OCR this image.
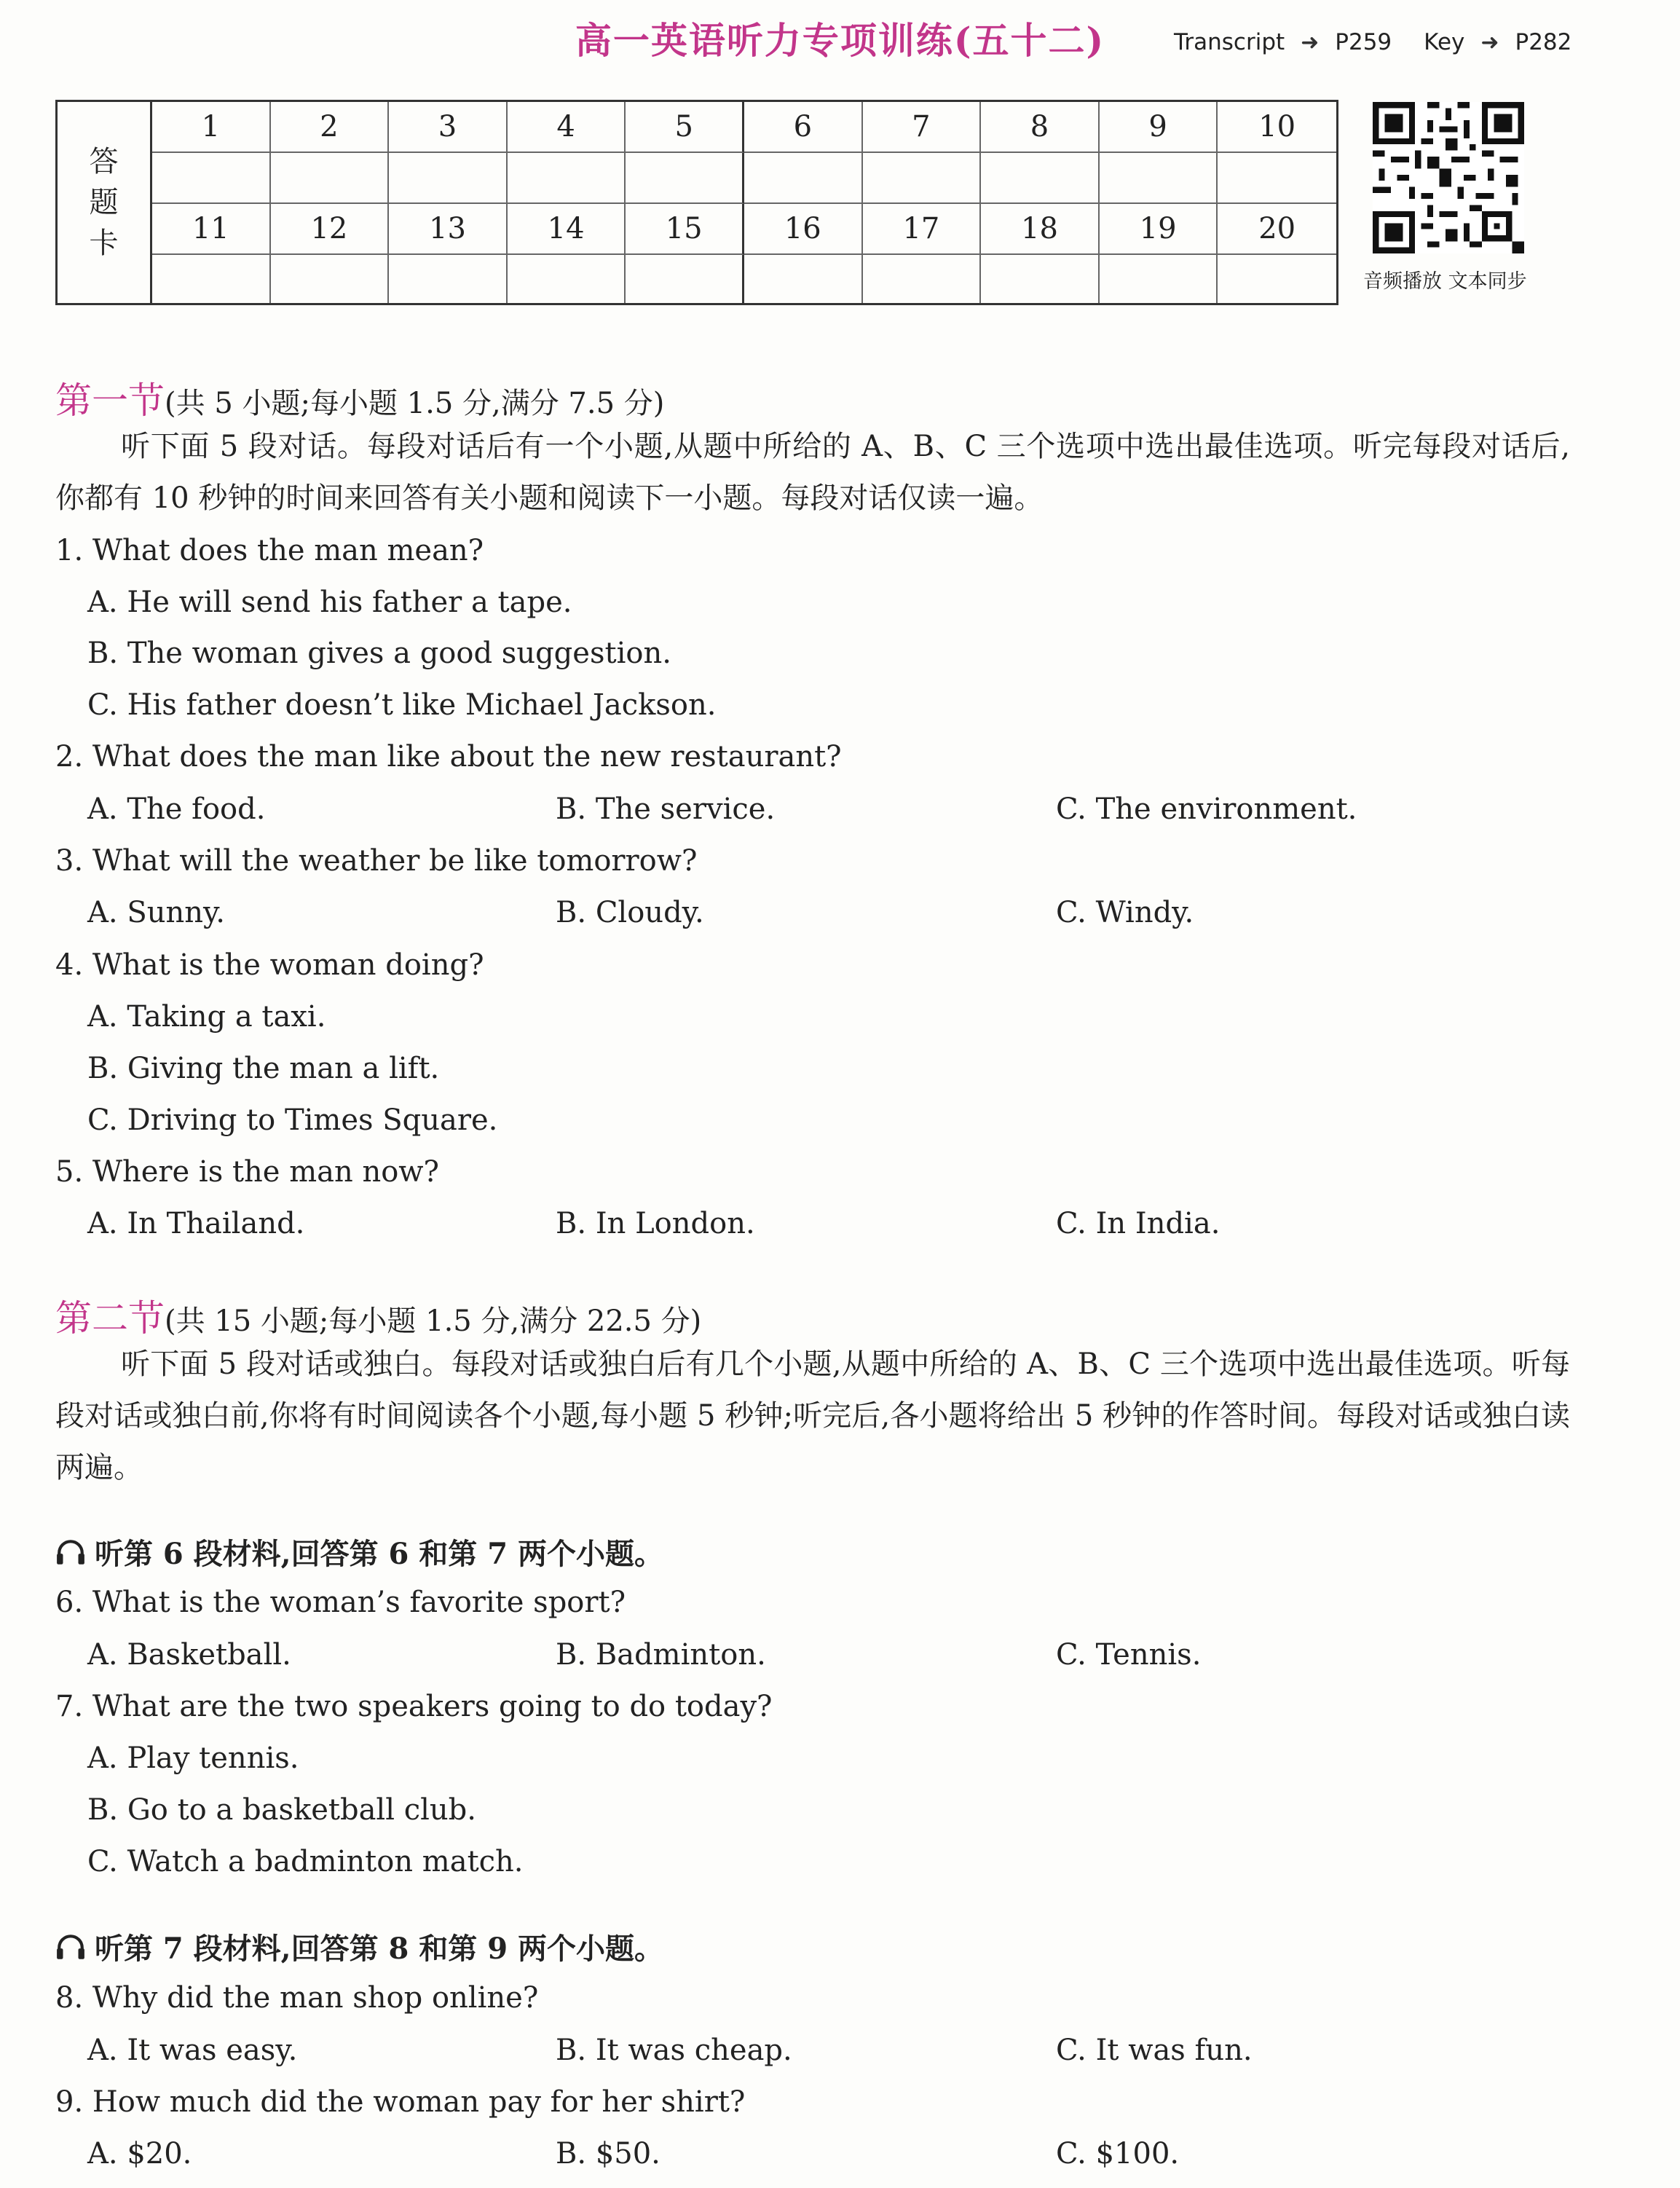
高一英语听力专项训练(五十二)	Transcript ➜ P259 Key ➜ P282
答
题
卡
1	2	3	4	5	6	7	8	9	10
11	12	13	14	15	16	17	18	19	20
音频播放 文本同步
第一节(共 5 小题;每小题 1.5 分,满分 7.5 分)
听下面 5 段对话。每段对话后有一个小题,从题中所给的 A、B、C 三个选项中选出最佳选项。听完每段对话后,你都有 10 秒钟的时间来回答有关小题和阅读下一小题。每段对话仅读一遍。
1. What does the man mean?
A. He will send his father a tape.
B. The woman gives a good suggestion.
C. His father doesn’t like Michael Jackson.
2. What does the man like about the new restaurant?
A. The food.	B. The service.	C. The environment.
3. What will the weather be like tomorrow?
A. Sunny.	B. Cloudy.	C. Windy.
4. What is the woman doing?
A. Taking a taxi.
B. Giving the man a lift.
C. Driving to Times Square.
5. Where is the man now?
A. In Thailand.	B. In London.	C. In India.
第二节(共 15 小题;每小题 1.5 分,满分 22.5 分)
听下面 5 段对话或独白。每段对话或独白后有几个小题,从题中所给的 A、B、C 三个选项中选出最佳选项。听每段对话或独白前,你将有时间阅读各个小题,每小题 5 秒钟;听完后,各小题将给出 5 秒钟的作答时间。每段对话或独白读两遍。
听第 6 段材料,回答第 6 和第 7 两个小题。
6. What is the woman’s favorite sport?
A. Basketball.	B. Badminton.	C. Tennis.
7. What are the two speakers going to do today?
A. Play tennis.
B. Go to a basketball club.
C. Watch a badminton match.
听第 7 段材料,回答第 8 和第 9 两个小题。
8. Why did the man shop online?
A. It was easy.	B. It was cheap.	C. It was fun.
9. How much did the woman pay for her shirt?
A. $20.	B. $50.	C. $100.
